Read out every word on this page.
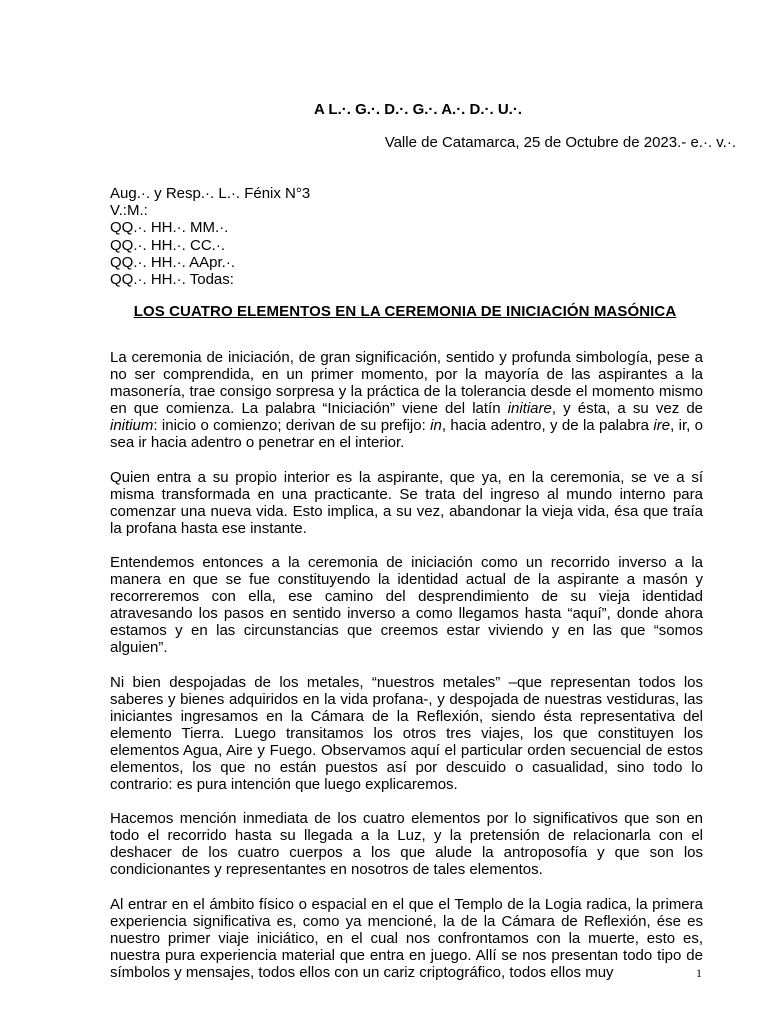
A L.·. G.·. D.·. G.·. A.·. D.·. U.·.
Valle de Catamarca, 25 de Octubre de 2023.- e.·. v.·.
Aug.·. y Resp.·. L.·. Fénix N°3
V.:M.:
QQ.·. HH.·. MM.·.
QQ.·. HH.·. CC.·.
QQ.·. HH.·. AApr.·.
QQ.·. HH.·. Todas:
LOS CUATRO ELEMENTOS EN LA CEREMONIA DE INICIACIÓN MASÓNICA

La ceremonia de iniciación, de gran significación, sentido y profunda simbología, pese a no ser comprendida, en un primer momento, por la mayoría de las aspirantes a la masonería, trae consigo sorpresa y la práctica de la tolerancia desde el momento mismo en que comienza. La palabra “Iniciación” viene del latín initiare, y ésta, a su vez de initium: inicio o comienzo; derivan de su prefijo: in, hacia adentro, y de la palabra ire, ir, o sea ir hacia adentro o penetrar en el interior.

Quien entra a su propio interior es la aspirante, que ya, en la ceremonia, se ve a sí misma transformada en una practicante. Se trata del ingreso al mundo interno para comenzar una nueva vida. Esto implica, a su vez, abandonar la vieja vida, ésa que traía la profana hasta ese instante.

Entendemos entonces a la ceremonia de iniciación como un recorrido inverso a la manera en que se fue constituyendo la identidad actual de la aspirante a masón y recorreremos con ella, ese camino del desprendimiento de su vieja identidad atravesando los pasos en sentido inverso a como llegamos hasta “aquí”, donde ahora estamos y en las circunstancias que creemos estar viviendo y en las que “somos alguien”.

Ni bien despojadas de los metales, “nuestros metales” –que representan todos los saberes y bienes adquiridos en la vida profana-, y despojada de nuestras vestiduras, las iniciantes ingresamos en la Cámara de la Reflexión, siendo ésta representativa del elemento Tierra. Luego transitamos los otros tres viajes, los que constituyen los elementos Agua, Aire y Fuego. Observamos aquí el particular orden secuencial de estos elementos, los que no están puestos así por descuido o casualidad, sino todo lo contrario: es pura intención que luego explicaremos.

Hacemos mención inmediata de los cuatro elementos por lo significativos que son en todo el recorrido hasta su llegada a la Luz, y la pretensión de relacionarla con el deshacer de los cuatro cuerpos a los que alude la antroposofía y que son los condicionantes y representantes en nosotros de tales elementos.

Al entrar en el ámbito físico o espacial en el que el Templo de la Logia radica, la primera experiencia significativa es, como ya mencioné, la de la Cámara de Reflexión, ése es nuestro primer viaje iniciático, en el cual nos confrontamos con la muerte, esto es, nuestra pura experiencia material que entra en juego. Allí se nos presentan todo tipo de símbolos y mensajes, todos ellos con un cariz criptográfico, todos ellos muy	1
